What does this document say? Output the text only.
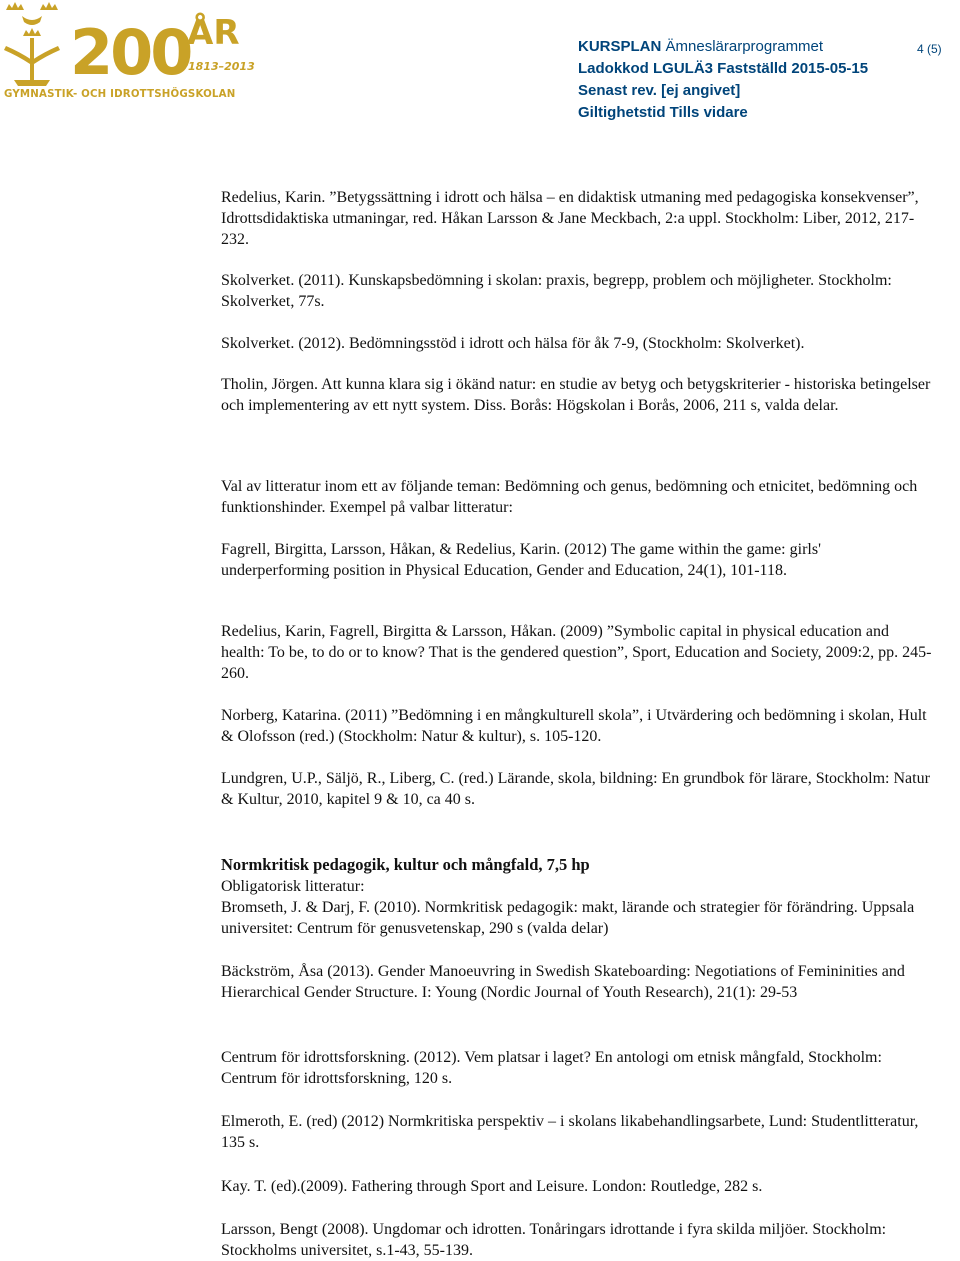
200
ÅR
1813–2013
GYMNASTIK- OCH IDROTTSHÖGSKOLAN
KURSPLAN Ämneslärarprogrammet
Ladokkod LGULÄ3 Fastställd 2015-05-15
Senast rev. [ej angivet]
Giltighetstid Tills vidare
4 (5)

Redelius, Karin. ”Betygssättning i idrott och hälsa – en didaktisk utmaning med pedagogiska konsekvenser”, Idrottsdidaktiska utmaningar, red. Håkan Larsson & Jane Meckbach, 2:a uppl. Stockholm: Liber, 2012, 217-232.

Skolverket. (2011). Kunskapsbedömning i skolan: praxis, begrepp, problem och möjligheter. Stockholm: Skolverket, 77s.

Skolverket. (2012). Bedömningsstöd i idrott och hälsa för åk 7-9, (Stockholm: Skolverket).

Tholin, Jörgen. Att kunna klara sig i ökänd natur: en studie av betyg och betygskriterier - historiska betingelser och implementering av ett nytt system. Diss. Borås: Högskolan i Borås, 2006, 211 s, valda delar.

Val av litteratur inom ett av följande teman: Bedömning och genus, bedömning och etnicitet, bedömning och funktionshinder. Exempel på valbar litteratur:

Fagrell, Birgitta, Larsson, Håkan, & Redelius, Karin. (2012) The game within the game: girls' underperforming position in Physical Education, Gender and Education, 24(1), 101-118.

Redelius, Karin, Fagrell, Birgitta & Larsson, Håkan. (2009) ”Symbolic capital in physical education and health: To be, to do or to know? That is the gendered question”, Sport, Education and Society, 2009:2, pp. 245-260.

Norberg, Katarina. (2011) ”Bedömning i en mångkulturell skola”, i Utvärdering och bedömning i skolan, Hult & Olofsson (red.) (Stockholm: Natur & kultur), s. 105-120.

Lundgren, U.P., Säljö, R., Liberg, C. (red.) Lärande, skola, bildning: En grundbok för lärare, Stockholm: Natur & Kultur, 2010, kapitel 9 & 10, ca 40 s.

Normkritisk pedagogik, kultur och mångfald, 7,5 hp

Obligatorisk litteratur:

Bromseth, J. & Darj, F. (2010). Normkritisk pedagogik: makt, lärande och strategier för förändring. Uppsala universitet: Centrum för genusvetenskap, 290 s (valda delar)

Bäckström, Åsa (2013). Gender Manoeuvring in Swedish Skateboarding: Negotiations of Femininities and Hierarchical Gender Structure. I: Young (Nordic Journal of Youth Research), 21(1): 29-53

Centrum för idrottsforskning. (2012). Vem platsar i laget? En antologi om etnisk mångfald, Stockholm: Centrum för idrottsforskning, 120 s.

Elmeroth, E. (red) (2012) Normkritiska perspektiv – i skolans likabehandlingsarbete, Lund: Studentlitteratur, 135 s.

Kay. T. (ed).(2009). Fathering through Sport and Leisure. London: Routledge, 282 s.

Larsson, Bengt (2008). Ungdomar och idrotten. Tonåringars idrottande i fyra skilda miljöer. Stockholm: Stockholms universitet, s.1-43, 55-139.
